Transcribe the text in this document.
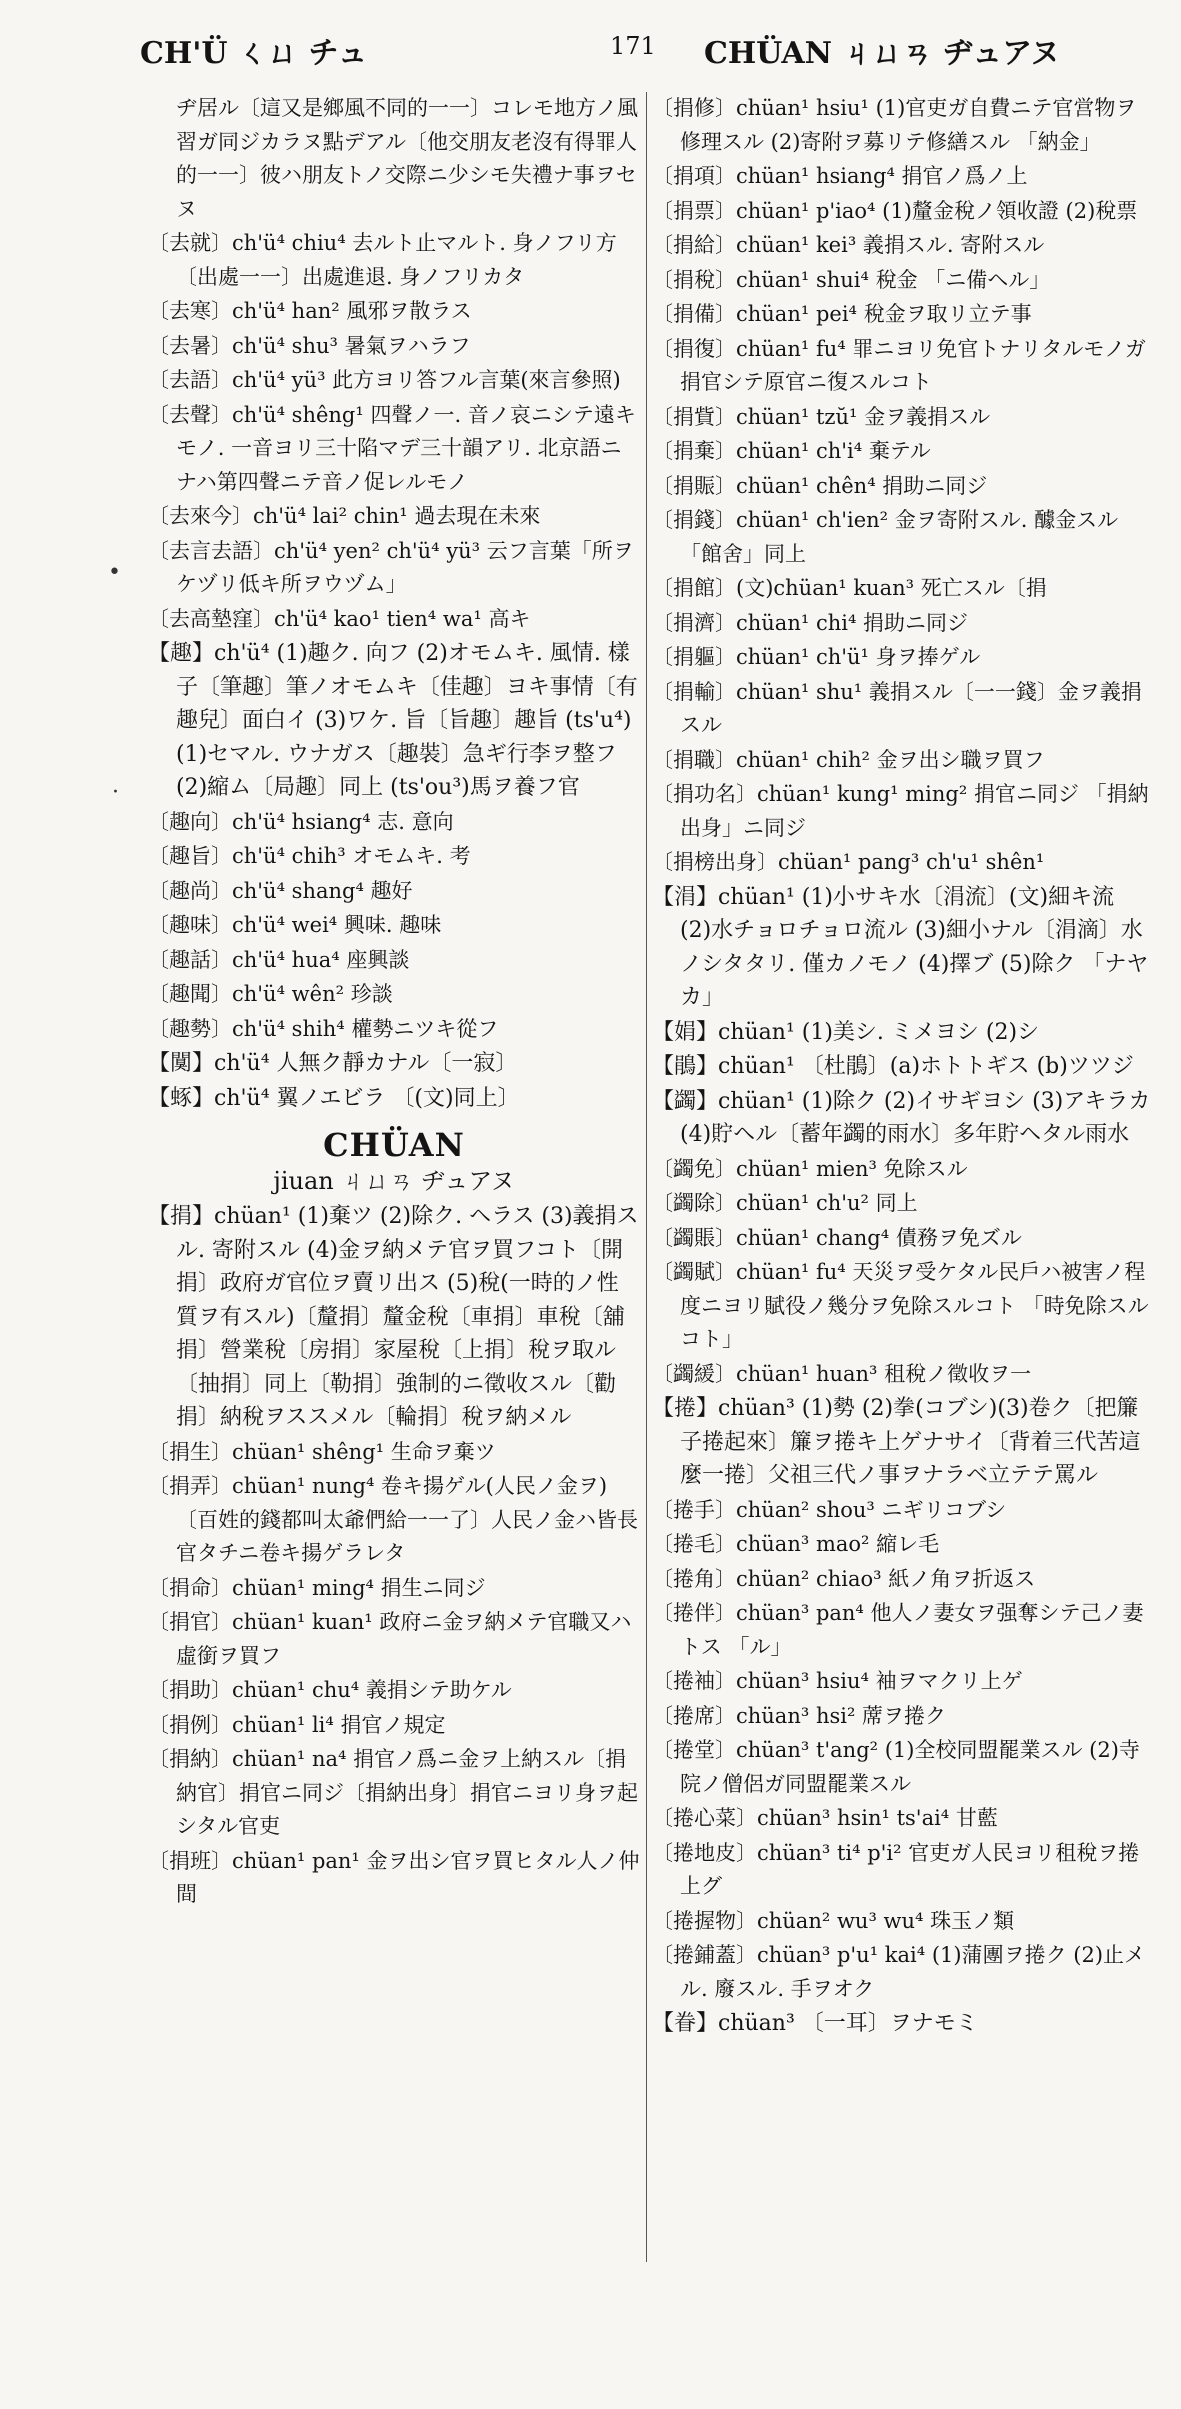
CH'Ü ㄑㄩ チュ	171 CHÜAN ㄐㄩㄢ ヂュアヌ
ヂ居ル〔這又是鄉風不同的一一〕コレモ地方ノ風習ガ同ジカラヌ點デアル〔他交朋友老沒有得罪人的一一〕彼ハ朋友トノ交際ニ少シモ失禮ナ事ヲセヌ
〔去就〕ch'ü⁴ chiu⁴ 去ルト止マルト. 身ノフリ方〔出處一一〕出處進退. 身ノフリカタ
〔去寒〕ch'ü⁴ han² 風邪ヲ散ラス
〔去暑〕ch'ü⁴ shu³ 暑氣ヲハラフ
〔去語〕ch'ü⁴ yü³ 此方ヨリ答フル言葉(來言參照)
〔去聲〕ch'ü⁴ shêng¹ 四聲ノ一. 音ノ哀ニシテ遠キモノ. 一音ヨリ三十陷マデ三十韻アリ. 北京語ニナハ第四聲ニテ音ノ促レルモノ
〔去來今〕ch'ü⁴ lai² chin¹ 過去現在未來
〔去言去語〕ch'ü⁴ yen² ch'ü⁴ yü³ 云フ言葉「所ヲケヅリ低キ所ヲウヅム」
〔去高墊窪〕ch'ü⁴ kao¹ tien⁴ wa¹ 高キ
【趣】ch'ü⁴ (1)趣ク. 向フ (2)オモムキ. 風情. 樣子〔筆趣〕筆ノオモムキ〔佳趣〕ヨキ事情〔有趣兒〕面白イ (3)ワケ. 旨〔旨趣〕趣旨 (ts'u⁴) (1)セマル. ウナガス〔趣裝〕急ギ行李ヲ整フ (2)縮ム〔局趣〕同上 (ts'ou³)馬ヲ養フ官
〔趣向〕ch'ü⁴ hsiang⁴ 志. 意向
〔趣旨〕ch'ü⁴ chih³ オモムキ. 考
〔趣尚〕ch'ü⁴ shang⁴ 趣好
〔趣味〕ch'ü⁴ wei⁴ 興味. 趣味
〔趣話〕ch'ü⁴ hua⁴ 座興談
〔趣聞〕ch'ü⁴ wên² 珍談
〔趣勢〕ch'ü⁴ shih⁴ 權勢ニツキ從フ
【闃】ch'ü⁴ 人無ク靜カナル〔一寂〕
【䖶】ch'ü⁴ 翼ノエビラ 〔(文)同上〕
CHÜAN
jiuan ㄐㄩㄢ ヂュアヌ
【捐】chüan¹ (1)棄ツ (2)除ク. ヘラス (3)義捐スル. 寄附スル (4)金ヲ納メテ官ヲ買フコト〔開捐〕政府ガ官位ヲ賣リ出ス (5)稅(一時的ノ性質ヲ有スル)〔釐捐〕釐金稅〔車捐〕車稅〔舖捐〕營業稅〔房捐〕家屋稅〔上捐〕稅ヲ取ル〔抽捐〕同上〔勒捐〕強制的ニ徵收スル〔勸捐〕納稅ヲススメル〔輪捐〕稅ヲ納メル
〔捐生〕chüan¹ shêng¹ 生命ヲ棄ツ
〔捐弄〕chüan¹ nung⁴ 卷キ揚ゲル(人民ノ金ヲ)〔百姓的錢都叫太爺們給一一了〕人民ノ金ハ皆長官タチニ卷キ揚ゲラレタ
〔捐命〕chüan¹ ming⁴ 捐生ニ同ジ
〔捐官〕chüan¹ kuan¹ 政府ニ金ヲ納メテ官職又ハ虛銜ヲ買フ
〔捐助〕chüan¹ chu⁴ 義捐シテ助ケル
〔捐例〕chüan¹ li⁴ 捐官ノ規定
〔捐納〕chüan¹ na⁴ 捐官ノ爲ニ金ヲ上納スル〔捐納官〕捐官ニ同ジ〔捐納出身〕捐官ニヨリ身ヲ起シタル官吏
〔捐班〕chüan¹ pan¹ 金ヲ出シ官ヲ買ヒタル人ノ仲間
〔捐修〕chüan¹ hsiu¹ (1)官吏ガ自費ニテ官営物ヲ修理スル (2)寄附ヲ募リテ修繕スル 「納金」
〔捐項〕chüan¹ hsiang⁴ 捐官ノ爲ノ上
〔捐票〕chüan¹ p'iao⁴ (1)釐金稅ノ領收證 (2)稅票
〔捐給〕chüan¹ kei³ 義捐スル. 寄附スル
〔捐稅〕chüan¹ shui⁴ 稅金 「ニ備ヘル」
〔捐備〕chüan¹ pei⁴ 稅金ヲ取リ立テ事
〔捐復〕chüan¹ fu⁴ 罪ニヨリ免官トナリタルモノガ捐官シテ原官ニ復スルコト
〔捐貲〕chüan¹ tzŭ¹ 金ヲ義捐スル
〔捐棄〕chüan¹ ch'i⁴ 棄テル
〔捐賑〕chüan¹ chên⁴ 捐助ニ同ジ
〔捐錢〕chüan¹ ch'ien² 金ヲ寄附スル. 醵金スル 「館舍」同上
〔捐館〕(文)chüan¹ kuan³ 死亡スル〔捐
〔捐濟〕chüan¹ chi⁴ 捐助ニ同ジ
〔捐軀〕chüan¹ ch'ü¹ 身ヲ捧ゲル
〔捐輸〕chüan¹ shu¹ 義捐スル〔一一錢〕金ヲ義捐スル
〔捐職〕chüan¹ chih² 金ヲ出シ職ヲ買フ
〔捐功名〕chüan¹ kung¹ ming² 捐官ニ同ジ 「捐納出身」ニ同ジ
〔捐榜出身〕chüan¹ pang³ ch'u¹ shên¹
【涓】chüan¹ (1)小サキ水〔涓流〕(文)細キ流 (2)水チョロチョロ流ル (3)細小ナル〔涓滴〕水ノシタタリ. 僅カノモノ (4)擇ブ (5)除ク 「ナヤカ」
【娟】chüan¹ (1)美シ. ミメヨシ (2)シ
【鵑】chüan¹ 〔杜鵑〕(a)ホトトギス (b)ツツジ
【蠲】chüan¹ (1)除ク (2)イサギヨシ (3)アキラカ (4)貯ヘル〔蓄年蠲的雨水〕多年貯ヘタル雨水
〔蠲免〕chüan¹ mien³ 免除スル
〔蠲除〕chüan¹ ch'u² 同上
〔蠲賬〕chüan¹ chang⁴ 債務ヲ免ズル
〔蠲賦〕chüan¹ fu⁴ 天災ヲ受ケタル民戶ハ被害ノ程度ニヨリ賦役ノ幾分ヲ免除スルコト 「時免除スルコト」
〔蠲緩〕chüan¹ huan³ 租稅ノ徵收ヲ一
【捲】chüan³ (1)勢 (2)拳(コブシ)(3)卷ク〔把簾子捲起來〕簾ヲ捲キ上ゲナサイ〔背着三代苦這麼一捲〕父祖三代ノ事ヲナラベ立テテ罵ル
〔捲手〕chüan² shou³ ニギリコブシ
〔捲毛〕chüan³ mao² 縮レ毛
〔捲角〕chüan² chiao³ 紙ノ角ヲ折返ス
〔捲伴〕chüan³ pan⁴ 他人ノ妻女ヲ强奪シテ己ノ妻トス 「ル」
〔捲袖〕chüan³ hsiu⁴ 袖ヲマクリ上ゲ
〔捲席〕chüan³ hsi² 蓆ヲ捲ク
〔捲堂〕chüan³ t'ang² (1)全校同盟罷業スル (2)寺院ノ僧侶ガ同盟罷業スル
〔捲心菜〕chüan³ hsin¹ ts'ai⁴ 甘藍
〔捲地皮〕chüan³ ti⁴ p'i² 官吏ガ人民ヨリ租稅ヲ捲上グ
〔捲握物〕chüan² wu³ wu⁴ 珠玉ノ類
〔捲鋪蓋〕chüan³ p'u¹ kai⁴ (1)蒲團ヲ捲ク (2)止メル. 廢スル. 手ヲオク
【眷】chüan³ 〔一耳〕ヲナモミ
•
·
